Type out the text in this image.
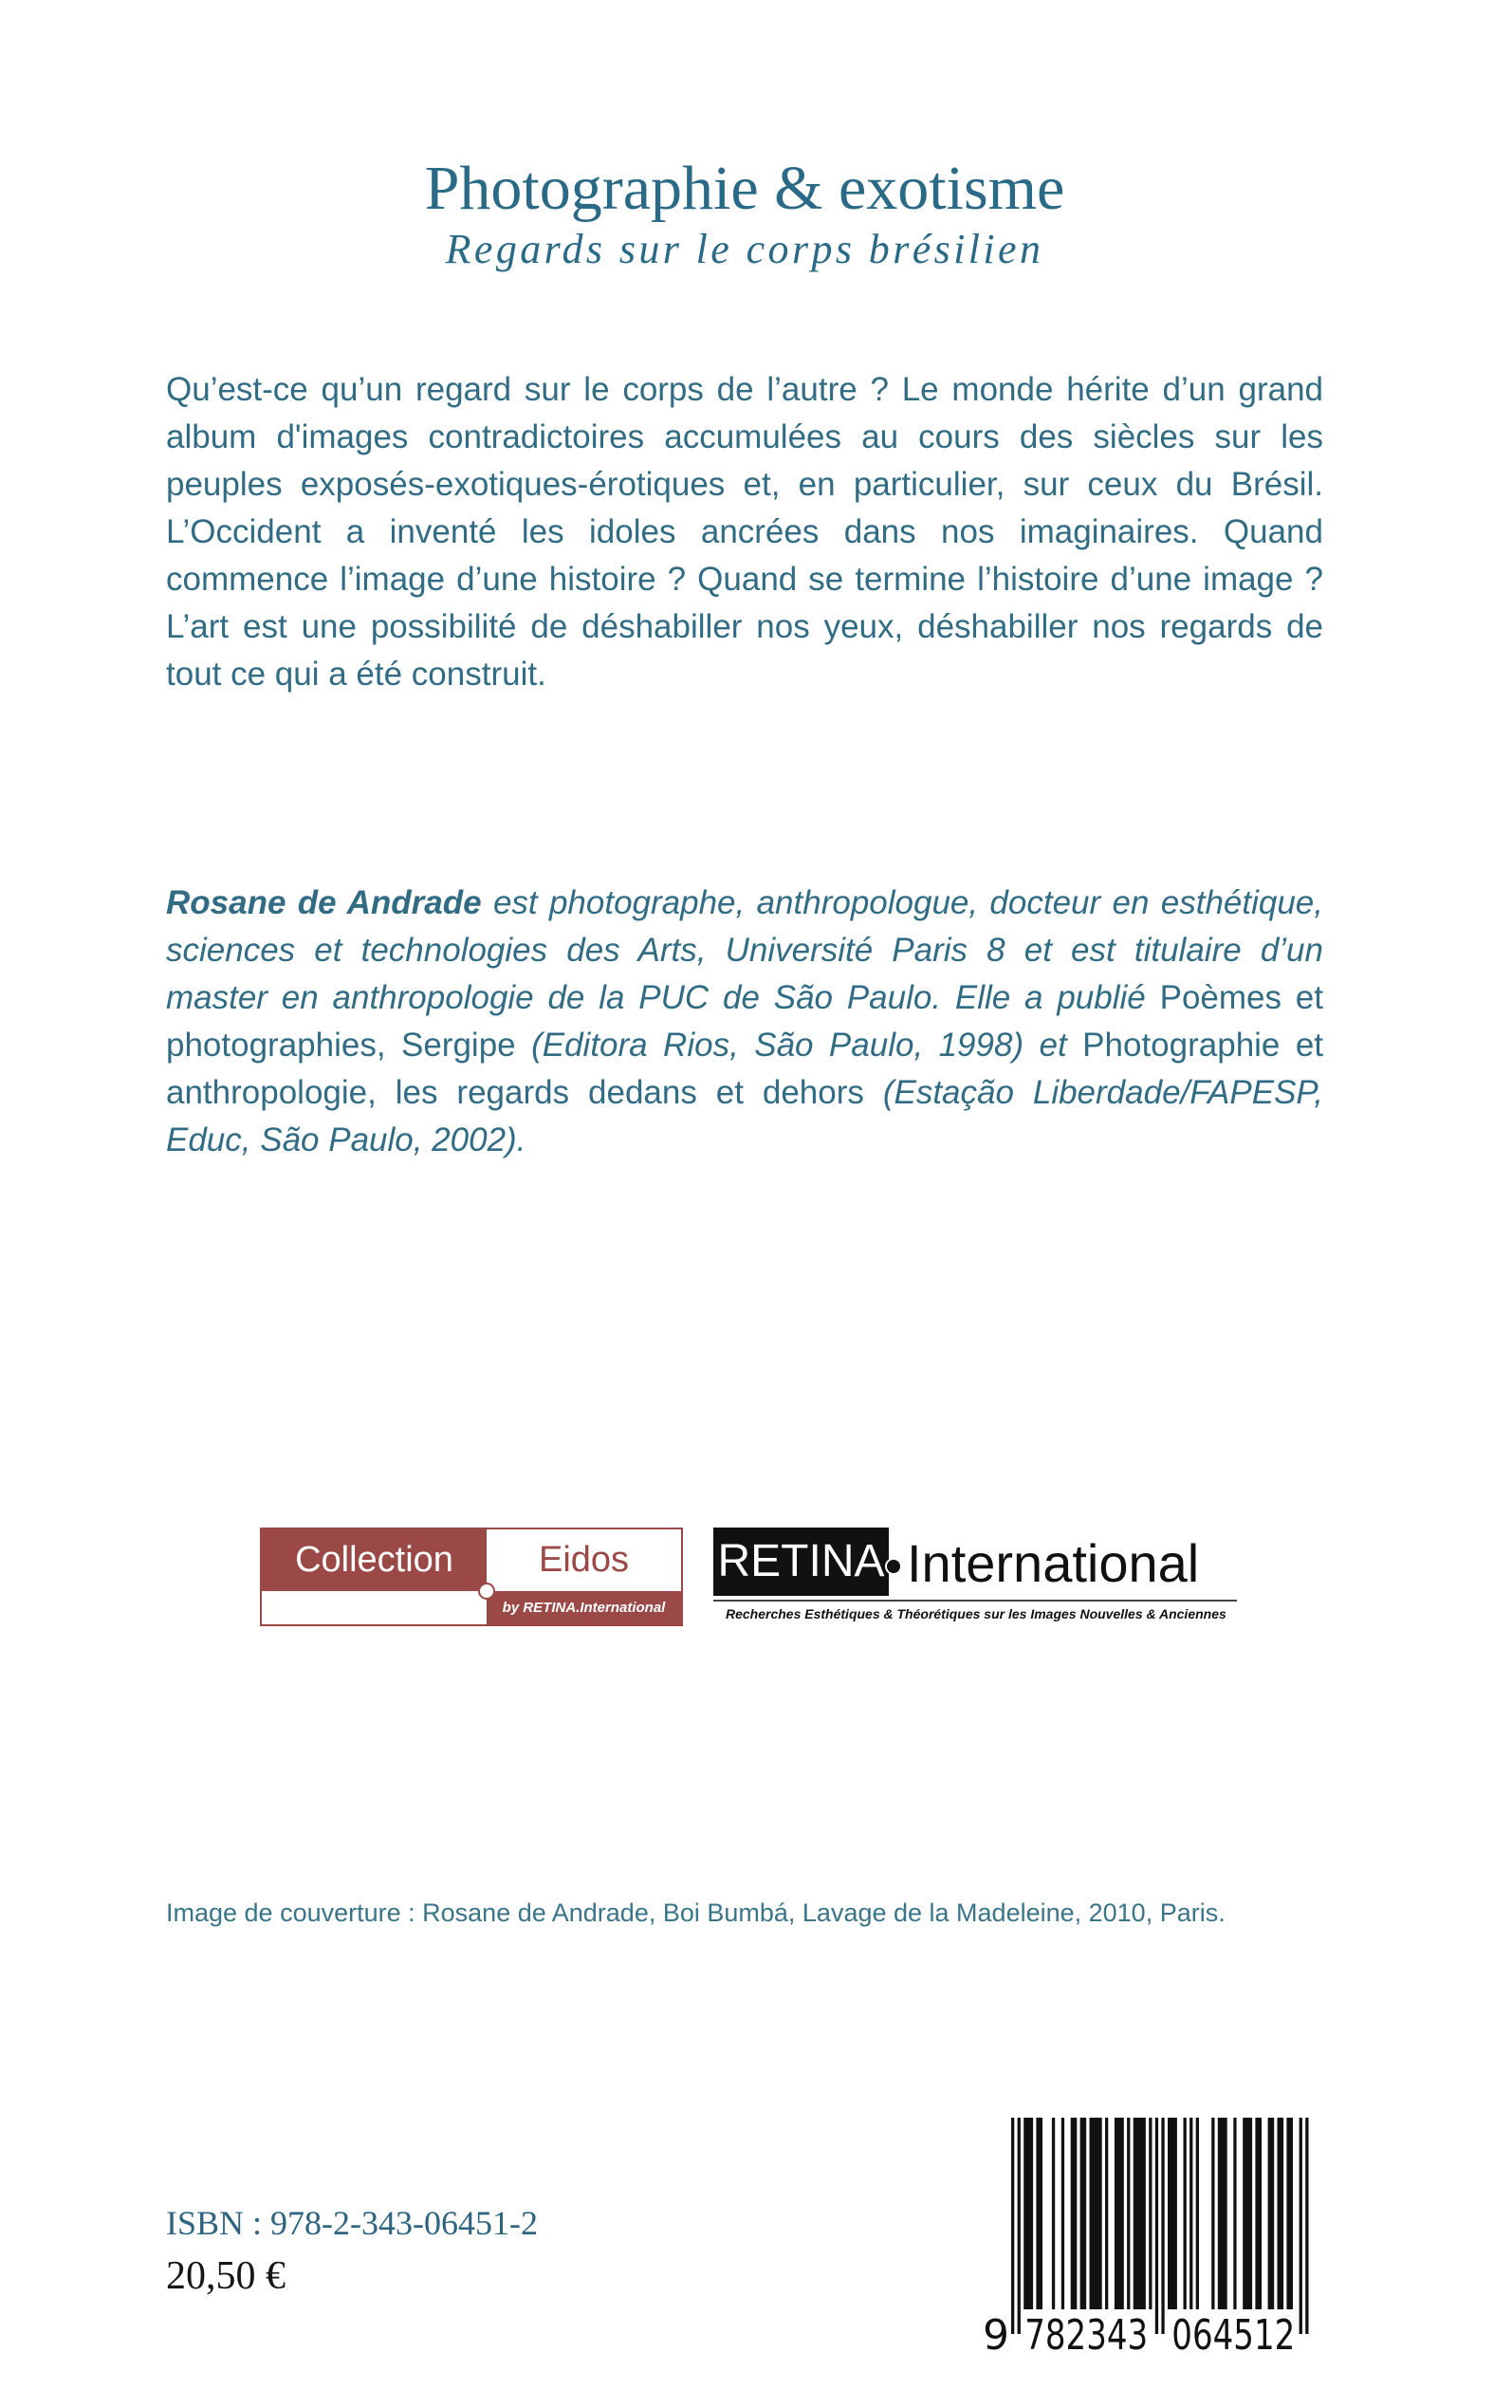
Photographie & exotisme
Regards sur le corps brésilien

Qu’est-ce qu’un regard sur le corps de l’autre ? Le monde hérite d’un grand album d'images contradictoires accumulées au cours des siècles sur les peuples exposés-exotiques-érotiques et, en particulier, sur ceux du Brésil. L’Occident a inventé les idoles ancrées dans nos imaginaires. Quand commence l’image d’une histoire ? Quand se termine l’histoire d’une image ? L’art est une possibilité de déshabiller nos yeux, déshabiller nos regards de tout ce qui a été construit.

Rosane de Andrade est photographe, anthropologue, docteur en esthétique, sciences et technologies des Arts, Université Paris 8 et est titulaire d’un master en anthropologie de la PUC de São Paulo. Elle a publié Poèmes et photographies, Sergipe (Editora Rios, São Paulo, 1998) et Photographie et anthropologie, les regards dedans et dehors (Estação Liberdade/FAPESP, Educ, São Paulo, 2002).

Collection	Eidos
by RETINA.International
RETINA International
Recherches Esthétiques & Théorétiques sur les Images Nouvelles & Anciennes

Image de couverture : Rosane de Andrade, Boi Bumbá, Lavage de la Madeleine, 2010, Paris.

ISBN : 978-2-343-06451-2

20,50 €

9 782343 064512
